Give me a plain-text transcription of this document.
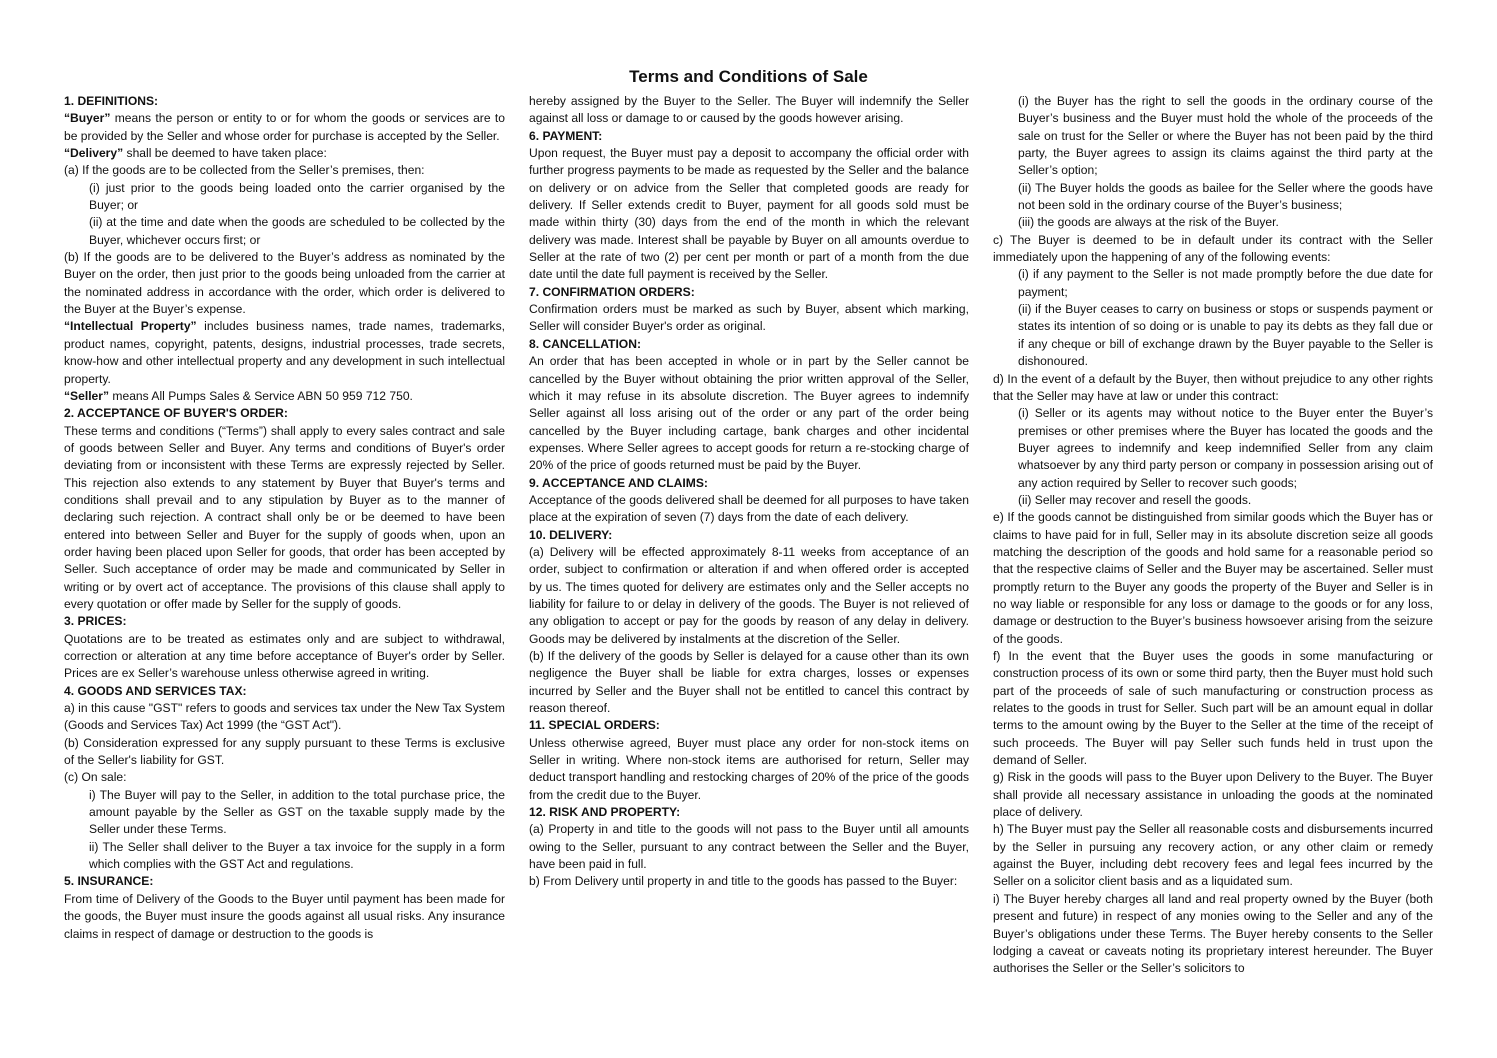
Terms and Conditions of Sale

1. DEFINITIONS:

“Buyer” means the person or entity to or for whom the goods or services are to be provided by the Seller and whose order for purchase is accepted by the Seller.

“Delivery” shall be deemed to have taken place:

(a) If the goods are to be collected from the Seller’s premises, then:

(i) just prior to the goods being loaded onto the carrier organised by the Buyer; or

(ii) at the time and date when the goods are scheduled to be collected by the Buyer, whichever occurs first; or

(b) If the goods are to be delivered to the Buyer’s address as nominated by the Buyer on the order, then just prior to the goods being unloaded from the carrier at the nominated address in accordance with the order, which order is delivered to the Buyer at the Buyer’s expense.

“Intellectual Property” includes business names, trade names, trademarks, product names, copyright, patents, designs, industrial processes, trade secrets, know-how and other intellectual property and any development in such intellectual property.

“Seller” means All Pumps Sales & Service ABN 50 959 712 750.

2. ACCEPTANCE OF BUYER'S ORDER:

These terms and conditions (“Terms”) shall apply to every sales contract and sale of goods between Seller and Buyer. Any terms and conditions of Buyer's order deviating from or inconsistent with these Terms are expressly rejected by Seller. This rejection also extends to any statement by Buyer that Buyer's terms and conditions shall prevail and to any stipulation by Buyer as to the manner of declaring such rejection. A contract shall only be or be deemed to have been entered into between Seller and Buyer for the supply of goods when, upon an order having been placed upon Seller for goods, that order has been accepted by Seller. Such acceptance of order may be made and communicated by Seller in writing or by overt act of acceptance. The provisions of this clause shall apply to every quotation or offer made by Seller for the supply of goods.

3. PRICES:

Quotations are to be treated as estimates only and are subject to withdrawal, correction or alteration at any time before acceptance of Buyer's order by Seller. Prices are ex Seller’s warehouse unless otherwise agreed in writing.

4. GOODS AND SERVICES TAX:

a) in this cause "GST" refers to goods and services tax under the New Tax System (Goods and Services Tax) Act 1999 (the “GST Act").

(b) Consideration expressed for any supply pursuant to these Terms is exclusive of the Seller's liability for GST.

(c) On sale:

i) The Buyer will pay to the Seller, in addition to the total purchase price, the amount payable by the Seller as GST on the taxable supply made by the Seller under these Terms.

ii) The Seller shall deliver to the Buyer a tax invoice for the supply in a form which complies with the GST Act and regulations.

5. INSURANCE:

From time of Delivery of the Goods to the Buyer until payment has been made for the goods, the Buyer must insure the goods against all usual risks. Any insurance claims in respect of damage or destruction to the goods is

hereby assigned by the Buyer to the Seller. The Buyer will indemnify the Seller against all loss or damage to or caused by the goods however arising.

6. PAYMENT:

Upon request, the Buyer must pay a deposit to accompany the official order with further progress payments to be made as requested by the Seller and the balance on delivery or on advice from the Seller that completed goods are ready for delivery. If Seller extends credit to Buyer, payment for all goods sold must be made within thirty (30) days from the end of the month in which the relevant delivery was made. Interest shall be payable by Buyer on all amounts overdue to Seller at the rate of two (2) per cent per month or part of a month from the due date until the date full payment is received by the Seller.

7. CONFIRMATION ORDERS:

Confirmation orders must be marked as such by Buyer, absent which marking, Seller will consider Buyer's order as original.

8. CANCELLATION:

An order that has been accepted in whole or in part by the Seller cannot be cancelled by the Buyer without obtaining the prior written approval of the Seller, which it may refuse in its absolute discretion. The Buyer agrees to indemnify Seller against all loss arising out of the order or any part of the order being cancelled by the Buyer including cartage, bank charges and other incidental expenses. Where Seller agrees to accept goods for return a re-stocking charge of 20% of the price of goods returned must be paid by the Buyer.

9. ACCEPTANCE AND CLAIMS:

Acceptance of the goods delivered shall be deemed for all purposes to have taken place at the expiration of seven (7) days from the date of each delivery.

10. DELIVERY:

(a) Delivery will be effected approximately 8-11 weeks from acceptance of an order, subject to confirmation or alteration if and when offered order is accepted by us. The times quoted for delivery are estimates only and the Seller accepts no liability for failure to or delay in delivery of the goods. The Buyer is not relieved of any obligation to accept or pay for the goods by reason of any delay in delivery. Goods may be delivered by instalments at the discretion of the Seller.

(b) If the delivery of the goods by Seller is delayed for a cause other than its own negligence the Buyer shall be liable for extra charges, losses or expenses incurred by Seller and the Buyer shall not be entitled to cancel this contract by reason thereof.

11. SPECIAL ORDERS:

Unless otherwise agreed, Buyer must place any order for non-stock items on Seller in writing. Where non-stock items are authorised for return, Seller may deduct transport handling and restocking charges of 20% of the price of the goods from the credit due to the Buyer.

12. RISK AND PROPERTY:

(a) Property in and title to the goods will not pass to the Buyer until all amounts owing to the Seller, pursuant to any contract between the Seller and the Buyer, have been paid in full.

b) From Delivery until property in and title to the goods has passed to the Buyer:

(i) the Buyer has the right to sell the goods in the ordinary course of the Buyer’s business and the Buyer must hold the whole of the proceeds of the sale on trust for the Seller or where the Buyer has not been paid by the third party, the Buyer agrees to assign its claims against the third party at the Seller’s option;

(ii) The Buyer holds the goods as bailee for the Seller where the goods have not been sold in the ordinary course of the Buyer’s business;

(iii) the goods are always at the risk of the Buyer.

c) The Buyer is deemed to be in default under its contract with the Seller immediately upon the happening of any of the following events:

(i) if any payment to the Seller is not made promptly before the due date for payment;

(ii) if the Buyer ceases to carry on business or stops or suspends payment or states its intention of so doing or is unable to pay its debts as they fall due or if any cheque or bill of exchange drawn by the Buyer payable to the Seller is dishonoured.

d) In the event of a default by the Buyer, then without prejudice to any other rights that the Seller may have at law or under this contract:

(i) Seller or its agents may without notice to the Buyer enter the Buyer’s premises or other premises where the Buyer has located the goods and the Buyer agrees to indemnify and keep indemnified Seller from any claim whatsoever by any third party person or company in possession arising out of any action required by Seller to recover such goods;

(ii) Seller may recover and resell the goods.

e) If the goods cannot be distinguished from similar goods which the Buyer has or claims to have paid for in full, Seller may in its absolute discretion seize all goods matching the description of the goods and hold same for a reasonable period so that the respective claims of Seller and the Buyer may be ascertained. Seller must promptly return to the Buyer any goods the property of the Buyer and Seller is in no way liable or responsible for any loss or damage to the goods or for any loss, damage or destruction to the Buyer’s business howsoever arising from the seizure of the goods.

f) In the event that the Buyer uses the goods in some manufacturing or construction process of its own or some third party, then the Buyer must hold such part of the proceeds of sale of such manufacturing or construction process as relates to the goods in trust for Seller. Such part will be an amount equal in dollar terms to the amount owing by the Buyer to the Seller at the time of the receipt of such proceeds. The Buyer will pay Seller such funds held in trust upon the demand of Seller.

g) Risk in the goods will pass to the Buyer upon Delivery to the Buyer. The Buyer shall provide all necessary assistance in unloading the goods at the nominated place of delivery.

h) The Buyer must pay the Seller all reasonable costs and disbursements incurred by the Seller in pursuing any recovery action, or any other claim or remedy against the Buyer, including debt recovery fees and legal fees incurred by the Seller on a solicitor client basis and as a liquidated sum.

i) The Buyer hereby charges all land and real property owned by the Buyer (both present and future) in respect of any monies owing to the Seller and any of the Buyer’s obligations under these Terms. The Buyer hereby consents to the Seller lodging a caveat or caveats noting its proprietary interest hereunder. The Buyer authorises the Seller or the Seller’s solicitors to
